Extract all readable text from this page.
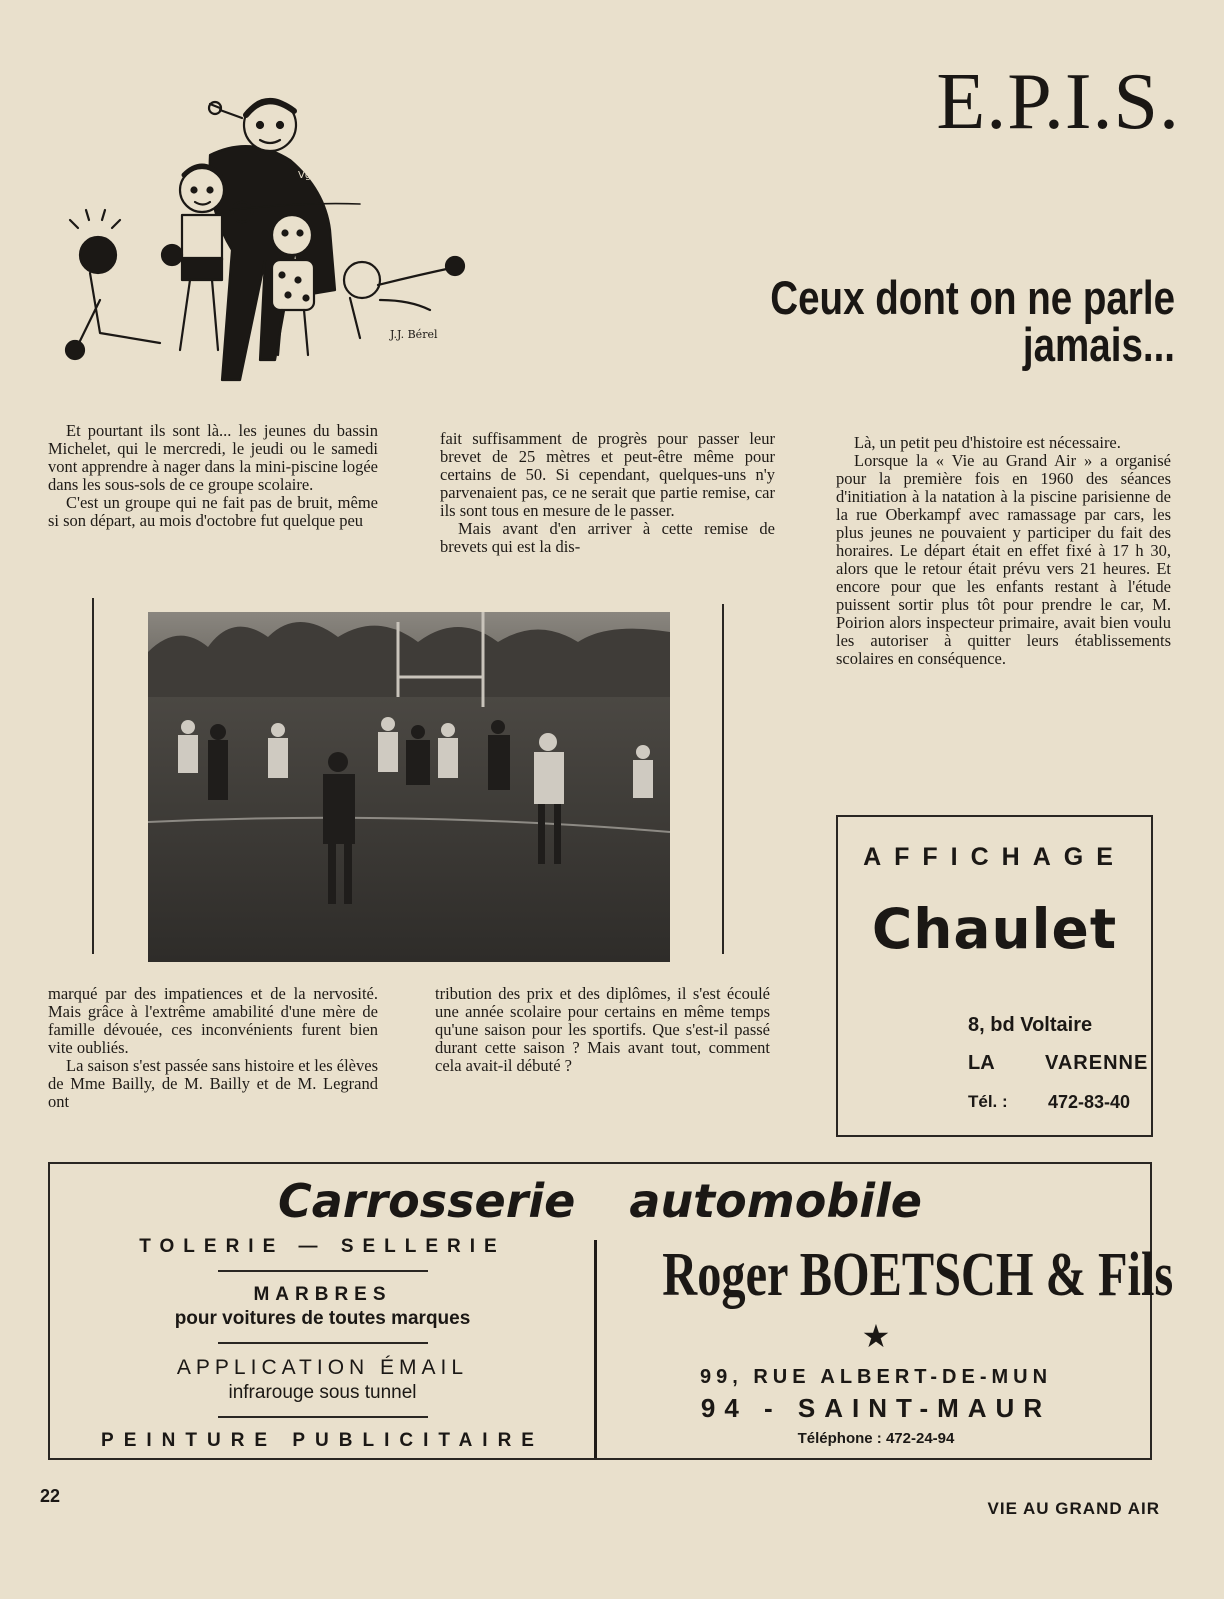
E.P.I.S.
J.J. Bérel
Vg
Ceux dont on ne parle jamais...

Et pourtant ils sont là... les jeunes du bassin Michelet, qui le mercredi, le jeudi ou le samedi vont apprendre à nager dans la mini-piscine logée dans les sous-sols de ce groupe scolaire.

C'est un groupe qui ne fait pas de bruit, même si son départ, au mois d'octobre fut quelque peu

fait suffisamment de progrès pour passer leur brevet de 25 mètres et peut-être même pour certains de 50. Si cependant, quelques-uns n'y parvenaient pas, ce ne serait que partie remise, car ils sont tous en mesure de le passer.

Mais avant d'en arriver à cette remise de brevets qui est la dis-

marqué par des impatiences et de la nervosité. Mais grâce à l'extrême amabilité d'une mère de famille dévouée, ces inconvénients furent bien vite oubliés.

La saison s'est passée sans histoire et les élèves de Mme Bailly, de M. Bailly et de M. Legrand ont

tribution des prix et des diplômes, il s'est écoulé une année scolaire pour certains en même temps qu'une saison pour les sportifs. Que s'est-il passé durant cette saison ? Mais avant tout, comment cela avait-il débuté ?

Là, un petit peu d'histoire est nécessaire.

Lorsque la « Vie au Grand Air » a organisé pour la première fois en 1960 des séances d'initiation à la natation à la piscine parisienne de la rue Oberkampf avec ramassage par cars, les plus jeunes ne pouvaient y participer du fait des horaires. Le départ était en effet fixé à 17 h 30, alors que le retour était prévu vers 21 heures. Et encore pour que les enfants restant à l'étude puissent sortir plus tôt pour prendre le car, M. Poirion alors inspecteur primaire, avait bien voulu les autoriser à quitter leurs établissements scolaires en conséquence.

AFFICHAGE
Chaulet
8, bd Voltaire
LA	VARENNE
Tél. : 472-83-40
Carrosserie automobile
TOLERIE — SELLERIE
MARBRES
pour voitures de toutes marques
APPLICATION ÉMAIL
infrarouge sous tunnel
PEINTURE PUBLICITAIRE
Roger BOETSCH & Fils
★
99, RUE ALBERT-DE-MUN
94 - SAINT-MAUR
Téléphone : 472-24-94
22
VIE AU GRAND AIR
